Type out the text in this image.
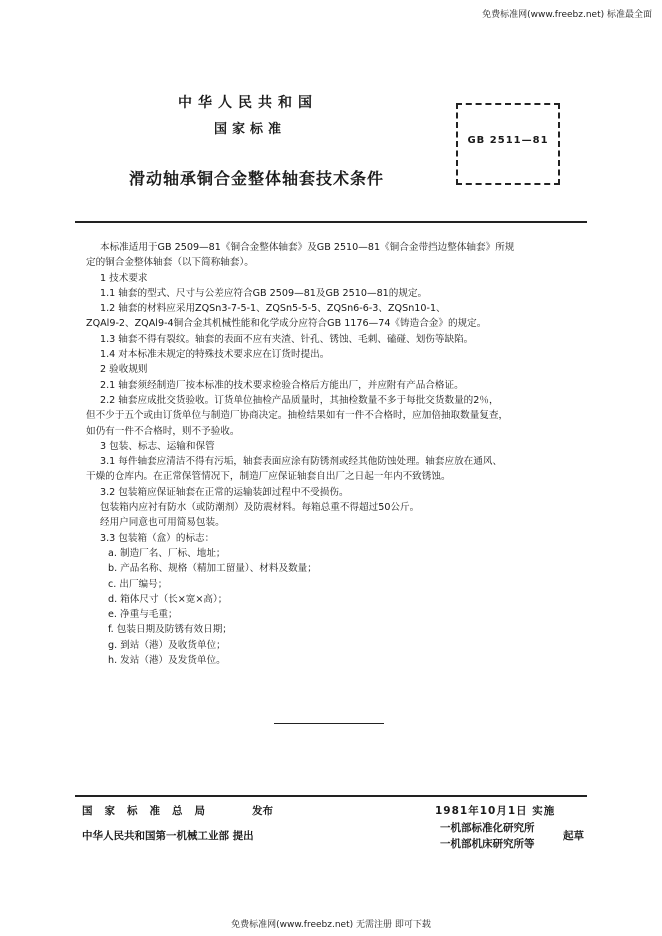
免费标准网(www.freebz.net) 标准最全面
中华人民共和国
国家标准
滑动轴承铜合金整体轴套技术条件
GB 2511—81

本标准适用于GB 2509—81《铜合金整体轴套》及GB 2510—81《铜合金带挡边整体轴套》所规

定的铜合金整体轴套（以下简称轴套）。

1 技术要求

1.1 轴套的型式、尺寸与公差应符合GB 2509—81及GB 2510—81的规定。

1.2 轴套的材料应采用ZQSn3-7-5-1、ZQSn5-5-5、ZQSn6-6-3、ZQSn10-1、

ZQAl9-2、ZQAl9-4铜合金其机械性能和化学成分应符合GB 1176—74《铸造合金》的规定。

1.3 轴套不得有裂纹。轴套的表面不应有夹渣、针孔、锈蚀、毛刺、磕碰、划伤等缺陷。

1.4 对本标准未规定的特殊技术要求应在订货时提出。

2 验收规则

2.1 轴套须经制造厂按本标准的技术要求检验合格后方能出厂，并应附有产品合格证。

2.2 轴套应成批交货验收。订货单位抽检产品质量时，其抽检数量不多于每批交货数量的2％，

但不少于五个或由订货单位与制造厂协商决定。抽检结果如有一件不合格时，应加倍抽取数量复查，

如仍有一件不合格时，则不予验收。

3 包装、标志、运输和保管

3.1 每件轴套应清洁不得有污垢，轴套表面应涂有防锈剂或经其他防蚀处理。轴套应放在通风、

干燥的仓库内。在正常保管情况下，制造厂应保证轴套自出厂之日起一年内不致锈蚀。

3.2 包装箱应保证轴套在正常的运输装卸过程中不受损伤。

包装箱内应衬有防水（或防潮剂）及防震材料。每箱总重不得超过50公斤。

经用户同意也可用简易包装。

3.3 包装箱（盒）的标志：

a. 制造厂名、厂标、地址；

b. 产品名称、规格（精加工留量）、材料及数量；

c. 出厂编号；

d. 箱体尺寸（长×宽×高）；

e. 净重与毛重；

f. 包装日期及防锈有效日期；

g. 到站（港）及收货单位；

h. 发站（港）及发货单位。

国家标准总局	发布	1981年10月1日 实施
中华人民共和国第一机械工业部 提出
一机部标准化研究所
一机部机床研究所等
起草
免费标准网(www.freebz.net) 无需注册 即可下载
